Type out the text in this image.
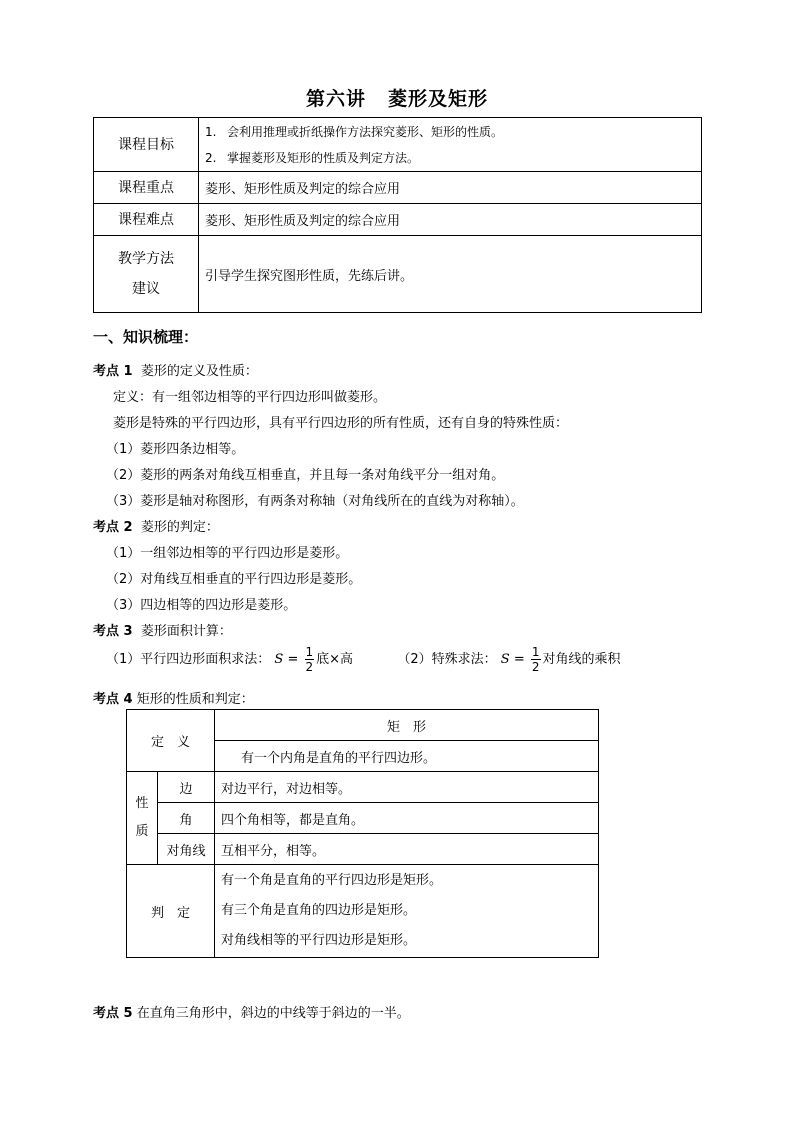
第六讲 菱形及矩形
课程目标	1. 会利用推理或折纸操作方法探究菱形、矩形的性质。
2. 掌握菱形及矩形的性质及判定方法。

课程重点	菱形、矩形性质及判定的综合应用
课程难点	菱形、矩形性质及判定的综合应用

教学方法
建议	引导学生探究图形性质，先练后讲。
一、知识梳理：
考点 1 菱形的定义及性质：
定义：有一组邻边相等的平行四边形叫做菱形。
菱形是特殊的平行四边形，具有平行四边形的所有性质，还有自身的特殊性质：
（1）菱形四条边相等。
（2）菱形的两条对角线互相垂直，并且每一条对角线平分一组对角。
（3）菱形是轴对称图形，有两条对称轴（对角线所在的直线为对称轴）。
考点 2 菱形的判定：
（1）一组邻边相等的平行四边形是菱形。
（2）对角线互相垂直的平行四边形是菱形。
（3）四边相等的四边形是菱形。
考点 3 菱形面积计算：
（1）平行四边形面积求法： $S = \frac{1}{2}$ 底×高	（2）特殊求法： $S = \frac{1}{2}$ 对角线的乘积
考点 4 矩形的性质和判定：
定　义		矩　形
		有一个内角是直角的平行四边形。
性质	边	对边平行，对边相等。
	角	四个角相等，都是直角。
	对角线	互相平分，相等。
判　定		有一个角是直角的平行四边形是矩形。
有三个角是直角的四边形是矩形。
对角线相等的平行四边形是矩形。
考点 5 在直角三角形中，斜边的中线等于斜边的一半。
